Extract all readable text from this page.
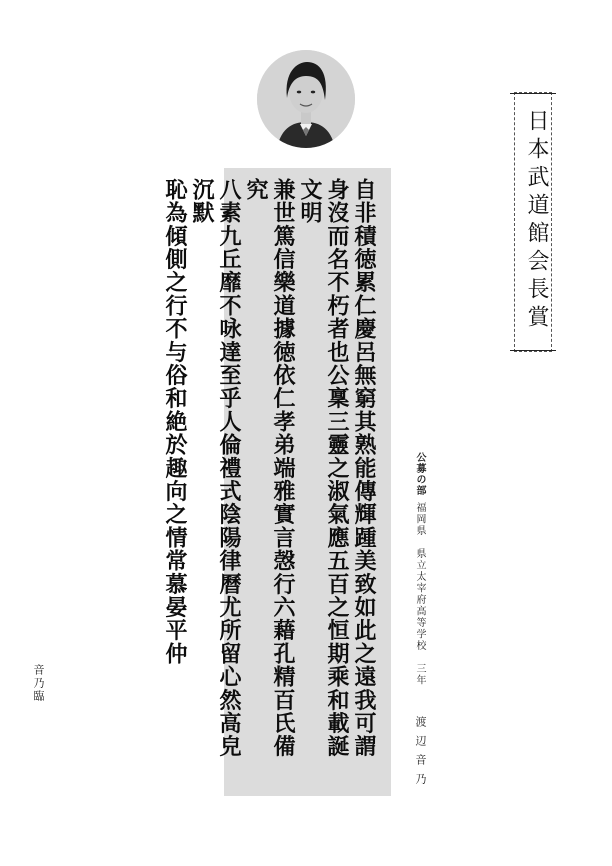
日本武道館会長賞
自非積徳累仁慶呂無窮其熟能傳輝踵美致如此之遠我可謂
身沒而名不朽者也公稟三靈之淑氣應五百之恒期乘和載誕文明
兼世篤信樂道據徳依仁孝弟端雅實言愨行六藉孔精百氏備究
八素九丘靡不咏達至乎人倫禮式陰陽律曆尤所留心然高皃沉默
恥為傾側之行不与俗和絶於趣向之情常慕晏平仲
音乃臨
公募の部
福岡県　県立太宰府高等学校　三年
渡辺音乃
